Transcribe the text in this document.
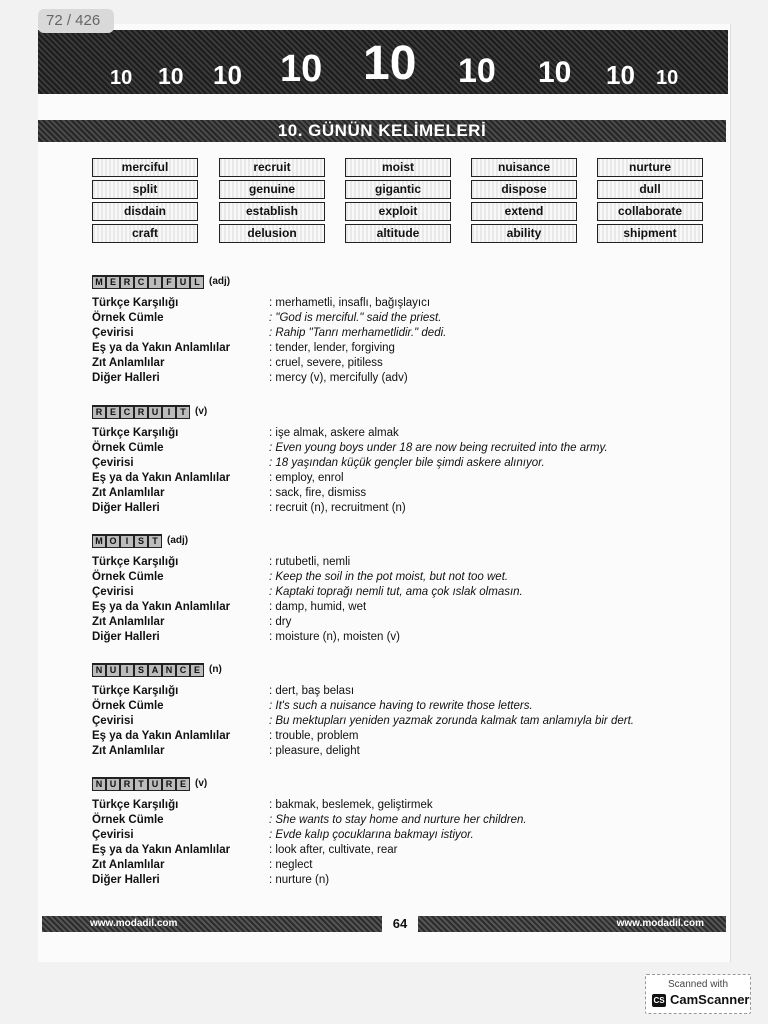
72 / 426
10 10 10 10 10 10 10 10 10
10. GÜNÜN KELİMELERİ
merciful	recruit	moist	nuisance	nurture
split	genuine	gigantic	dispose	dull
disdain	establish	exploit	extend	collaborate
craft	delusion	altitude	ability	shipment
M E R C	I	F U L (adj)
Türkçe Karşılığı	: merhametli, insaflı, bağışlayıcı
Örnek Cümle	: "God is merciful." said the priest.
Çevirisi	: Rahip "Tanrı merhametlidir." dedi.
Eş ya da Yakın Anlamlılar	: tender, lender, forgiving
Zıt Anlamlılar	: cruel, severe, pitiless
Diğer Halleri	: mercy (v), mercifully (adv)
R E C R U	I	T (v)
Türkçe Karşılığı	: işe almak, askere almak
Örnek Cümle	: Even young boys under 18 are now being recruited into the army.
Çevirisi	: 18 yaşından küçük gençler bile şimdi askere alınıyor.
Eş ya da Yakın Anlamlılar	: employ, enrol
Zıt Anlamlılar	: sack, fire, dismiss
Diğer Halleri	: recruit (n), recruitment (n)
M O	I	S T (adj)
Türkçe Karşılığı	: rutubetli, nemli
Örnek Cümle	: Keep the soil in the pot moist, but not too wet.
Çevirisi	: Kaptaki toprağı nemli tut, ama çok ıslak olmasın.
Eş ya da Yakın Anlamlılar	: damp, humid, wet
Zıt Anlamlılar	: dry
Diğer Halleri	: moisture (n), moisten (v)
N U	I	S A N C E (n)
Türkçe Karşılığı	: dert, baş belası
Örnek Cümle	: It's such a nuisance having to rewrite those letters.
Çevirisi	: Bu mektupları yeniden yazmak zorunda kalmak tam anlamıyla bir dert.
Eş ya da Yakın Anlamlılar	: trouble, problem
Zıt Anlamlılar	: pleasure, delight
N U R T U R E (v)
Türkçe Karşılığı	: bakmak, beslemek, geliştirmek
Örnek Cümle	: She wants to stay home and nurture her children.
Çevirisi	: Evde kalıp çocuklarına bakmayı istiyor.
Eş ya da Yakın Anlamlılar	: look after, cultivate, rear
Zıt Anlamlılar	: neglect
Diğer Halleri	: nurture (n)
www.modadil.com	64	www.modadil.com
Scanned with
CS CamScanner
